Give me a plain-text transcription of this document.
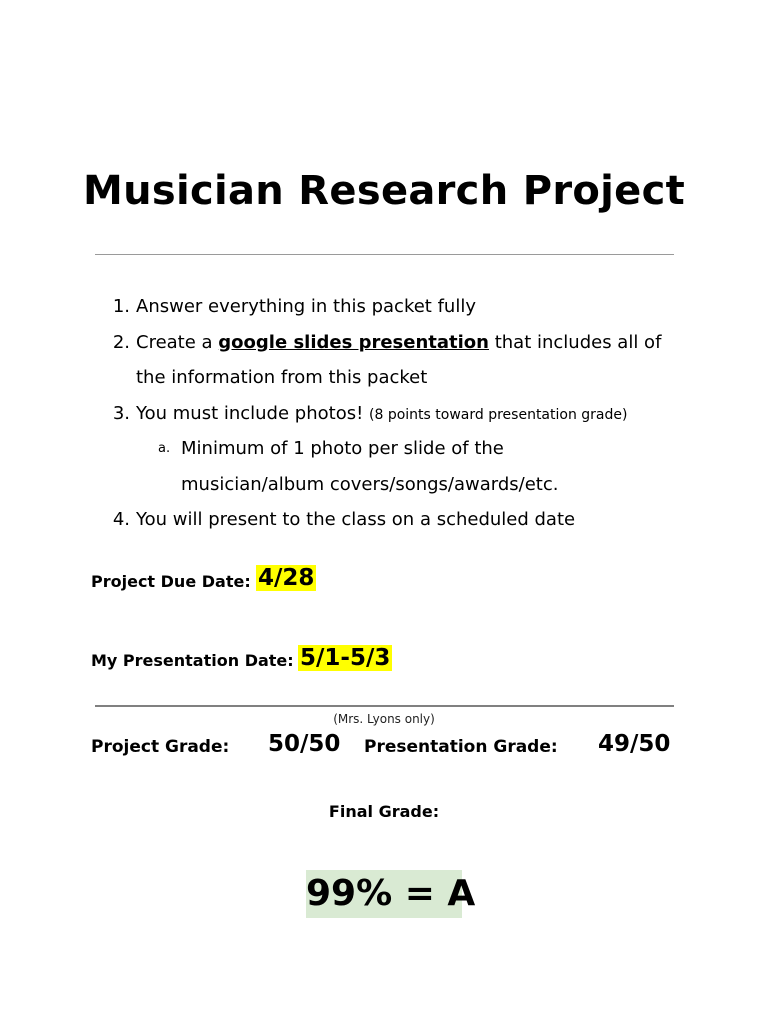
Musician Research Project
1. Answer everything in this packet fully
2. Create a google slides presentation that includes all of
the information from this packet
3. You must include photos! (8 points toward presentation grade)
a. Minimum of 1 photo per slide of the
musician/album covers/songs/awards/etc.
4. You will present to the class on a scheduled date
Project Due Date: 4/28
My Presentation Date: 5/1-5/3
(Mrs. Lyons only)
Project Grade: 50/50 Presentation Grade: 49/50
Final Grade:
99% = A
